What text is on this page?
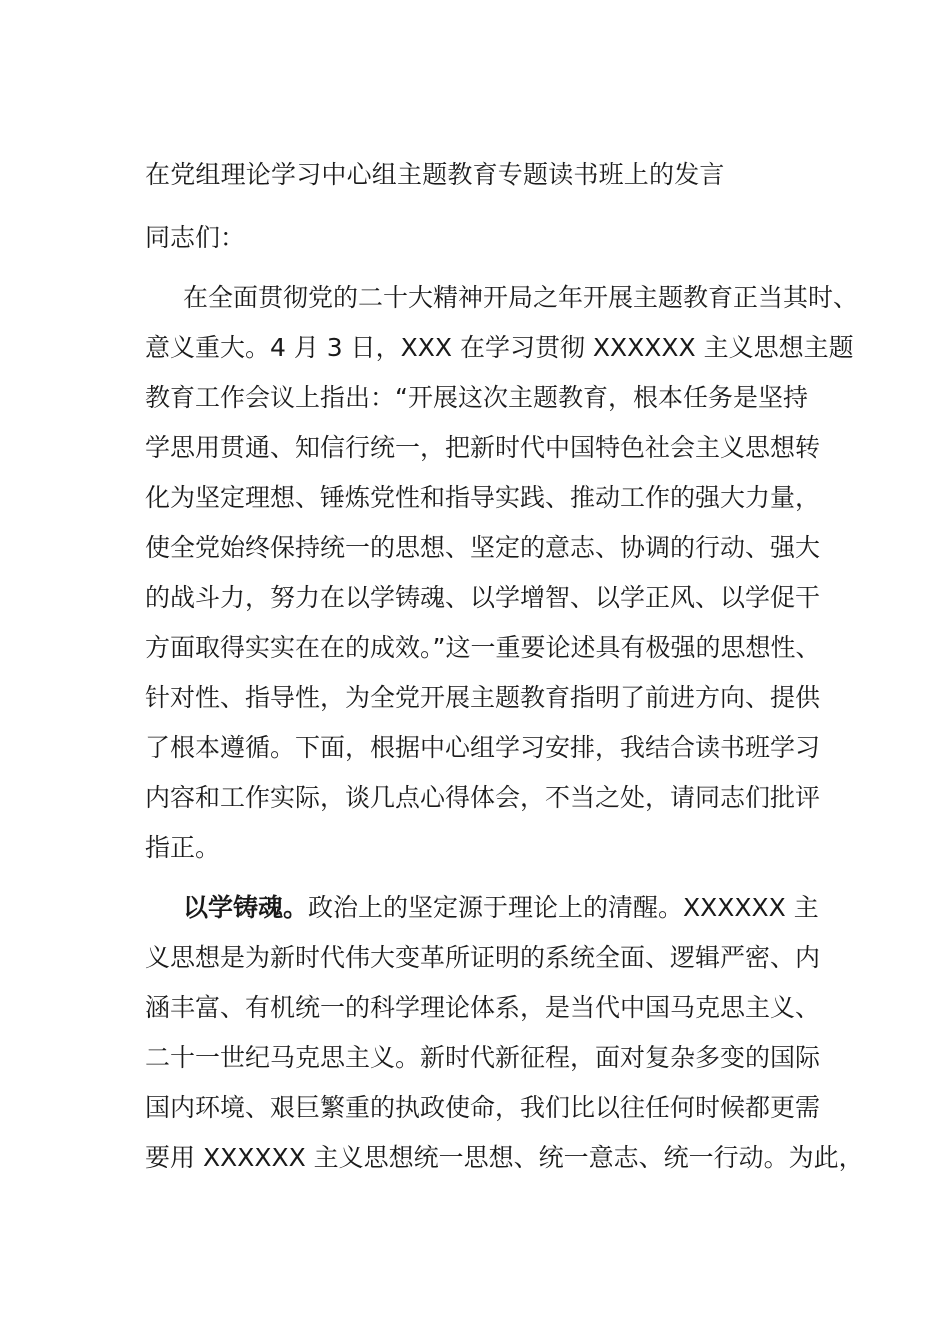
在党组理论学习中心组主题教育专题读书班上的发言
同志们：
在全面贯彻党的二十大精神开局之年开展主题教育正当其时、
意义重大。4 月 3 日，XXX 在学习贯彻 XXXXXX 主义思想主题
教育工作会议上指出：“开展这次主题教育，根本任务是坚持
学思用贯通、知信行统一，把新时代中国特色社会主义思想转
化为坚定理想、锤炼党性和指导实践、推动工作的强大力量，
使全党始终保持统一的思想、坚定的意志、协调的行动、强大
的战斗力，努力在以学铸魂、以学增智、以学正风、以学促干
方面取得实实在在的成效。”这一重要论述具有极强的思想性、
针对性、指导性，为全党开展主题教育指明了前进方向、提供
了根本遵循。下面，根据中心组学习安排，我结合读书班学习
内容和工作实际，谈几点心得体会，不当之处，请同志们批评
指正。
以学铸魂。政治上的坚定源于理论上的清醒。XXXXXX 主
义思想是为新时代伟大变革所证明的系统全面、逻辑严密、内
涵丰富、有机统一的科学理论体系，是当代中国马克思主义、
二十一世纪马克思主义。新时代新征程，面对复杂多变的国际
国内环境、艰巨繁重的执政使命，我们比以往任何时候都更需
要用 XXXXXX 主义思想统一思想、统一意志、统一行动。为此，
